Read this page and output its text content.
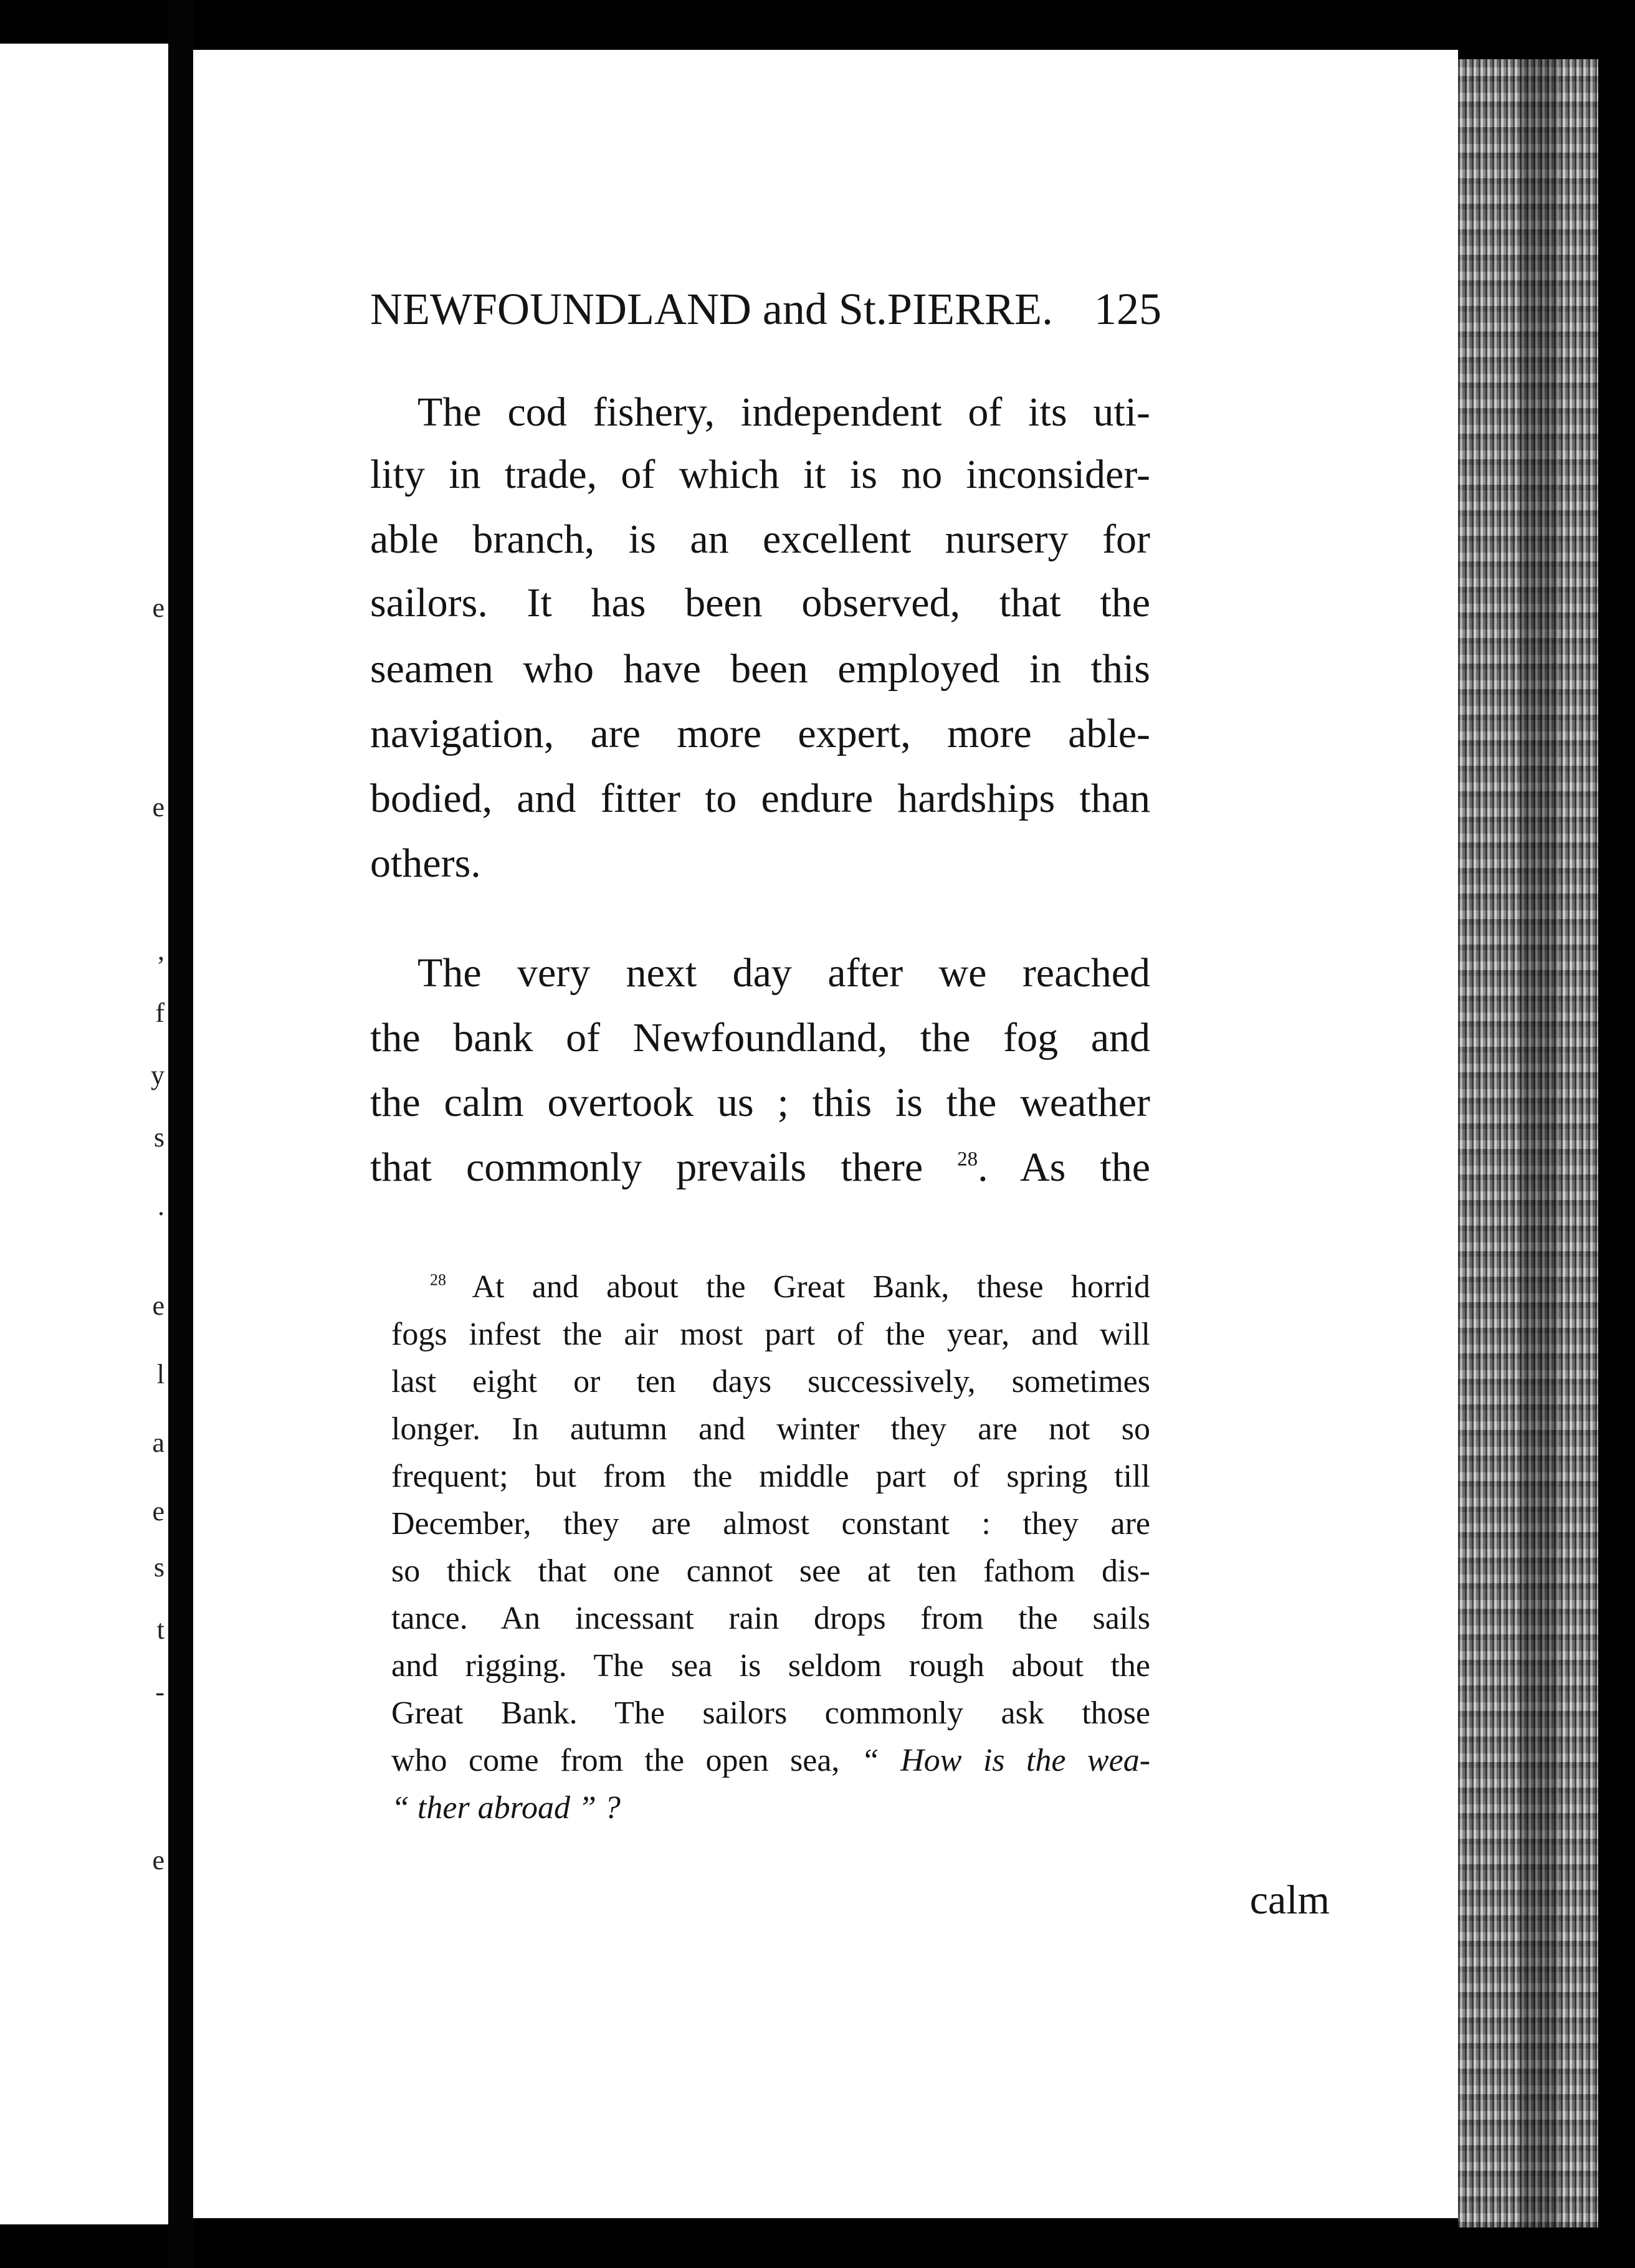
e
e
,
f
y
s
.
e
l
a
e
s
t
-
e
NEWFOUNDLAND and St.PIERRE. 125
The cod fishery, independent of its uti-
lity in trade, of which it is no inconsider-
able branch, is an excellent nursery for
sailors. It has been observed, that the
seamen who have been employed in this
navigation, are more expert, more able-
bodied, and fitter to endure hardships than
others.
The very next day after we reached
the bank of Newfoundland, the fog and
the calm overtook us ; this is the weather
that commonly prevails there $^{28}$. As the
$^{28}$ At and about the Great Bank, these horrid
fogs infest the air most part of the year, and will
last eight or ten days successively, sometimes
longer. In autumn and winter they are not so
frequent; but from the middle part of spring till
December, they are almost constant : they are
so thick that one cannot see at ten fathom dis-
tance. An incessant rain drops from the sails
and rigging. The sea is seldom rough about the
Great Bank. The sailors commonly ask those
who come from the open sea, “ How is the wea-
“ ther abroad ” ?
calm
